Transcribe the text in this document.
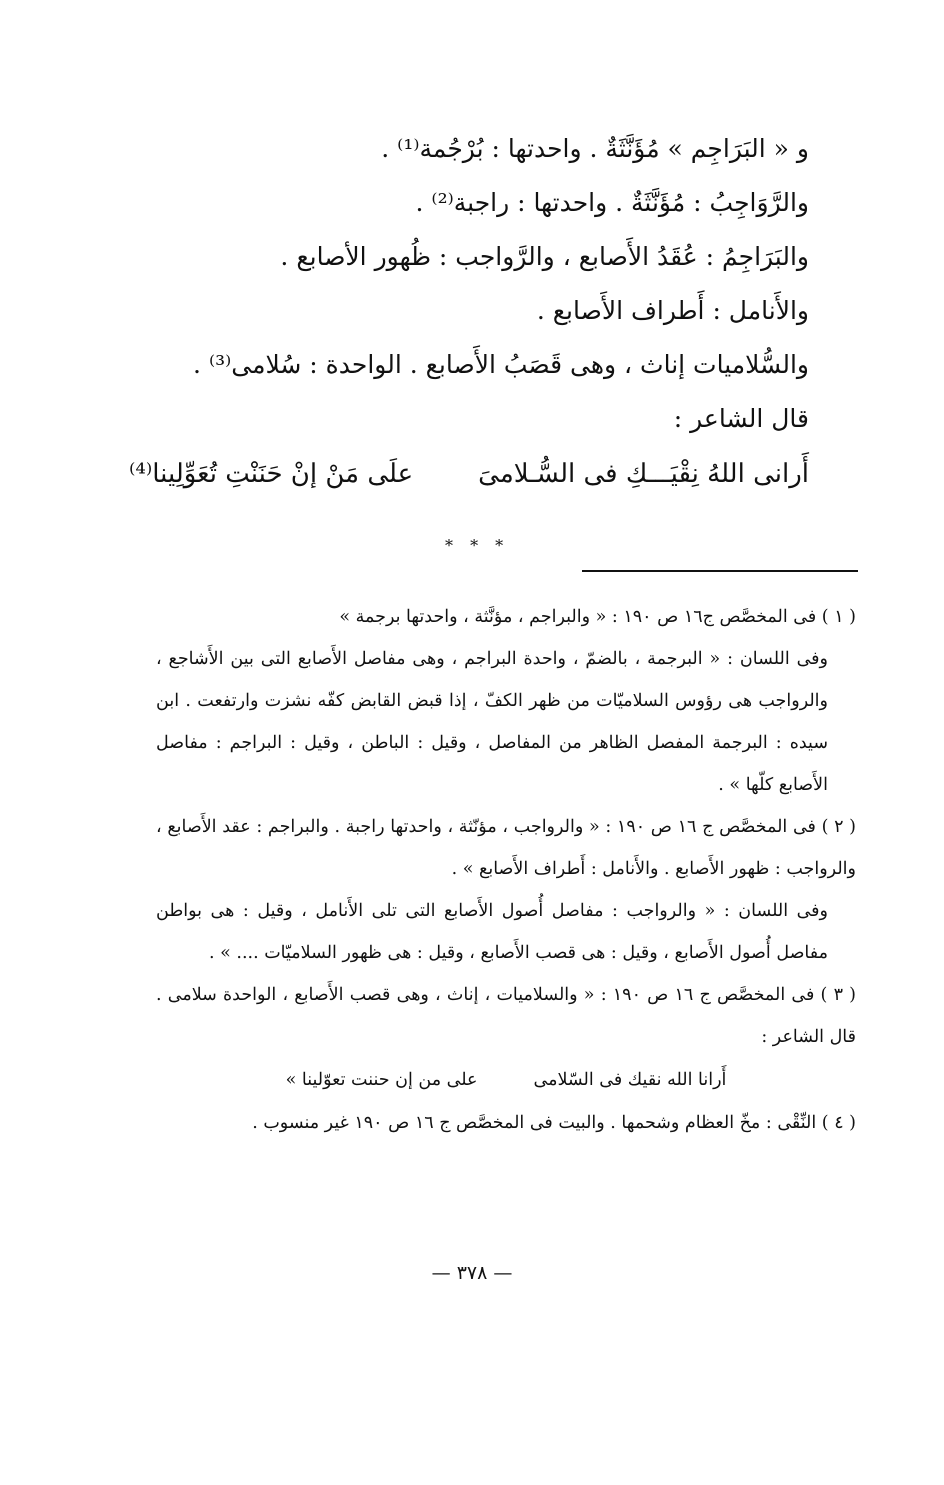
و « البَرَاجِم » مُؤَنَّثَةٌ . واحدتها : بُرْجُمة⁽¹⁾ .

والرَّوَاجِبُ : مُؤَنَّثَةٌ . واحدتها : راجبة⁽²⁾ .

والبَرَاجِمُ : عُقَدُ الأَصابع ، والرَّواجب : ظُهور الأصابع .

والأَنامل : أَطراف الأَصابع .

والسُّلاميات إناث ، وهى قَصَبُ الأَصابع . الواحدة : سُلامى⁽³⁾ .

قال الشاعر :

أَرانى اللهُ نِقْيَـــكِ فى السُّـلامىَ
علَى مَنْ إنْ حَنَنْتِ تُعَوِّلِينا⁽⁴⁾
* * *

( ١ ) فى المخصَّص ج١٦ ص ١٩٠ : « والبراجم ، مؤنَّثة ، واحدتها برجمة »

وفى اللسان : « البرجمة ، بالضمّ ، واحدة البراجم ، وهى مفاصل الأَصابع التى بين الأَشاجع ، والرواجب هى رؤوس السلاميّات من ظهر الكفّ ، إذا قبض القابض كفّه نشزت وارتفعت . ابن سيده : البرجمة المفصل الظاهر من المفاصل ، وقيل : الباطن ، وقيل : البراجم : مفاصل الأَصابع كلّها » .

( ٢ ) فى المخصَّص ج ١٦ ص ١٩٠ : « والرواجب ، مؤنّثة ، واحدتها راجبة . والبراجم : عقد الأَصابع ، والرواجب : ظهور الأَصابع . والأَنامل : أَطراف الأَصابع » .

وفى اللسان : « والرواجب : مفاصل أُصول الأَصابع التى تلى الأَنامل ، وقيل : هى بواطن مفاصل أُصول الأَصابع ، وقيل : هى قصب الأَصابع ، وقيل : هى ظهور السلاميّات .... » .

( ٣ ) فى المخصَّص ج ١٦ ص ١٩٠ : « والسلاميات ، إناث ، وهى قصب الأَصابع ، الواحدة سلامى . قال الشاعر :

أَرانا الله نقيك فى السّلامى
على من إن حننت تعوّلينا »

( ٤ ) النِّقْى : مخّ العظام وشحمها . والبيت فى المخصَّص ج ١٦ ص ١٩٠ غير منسوب .

— ٣٧٨ —
